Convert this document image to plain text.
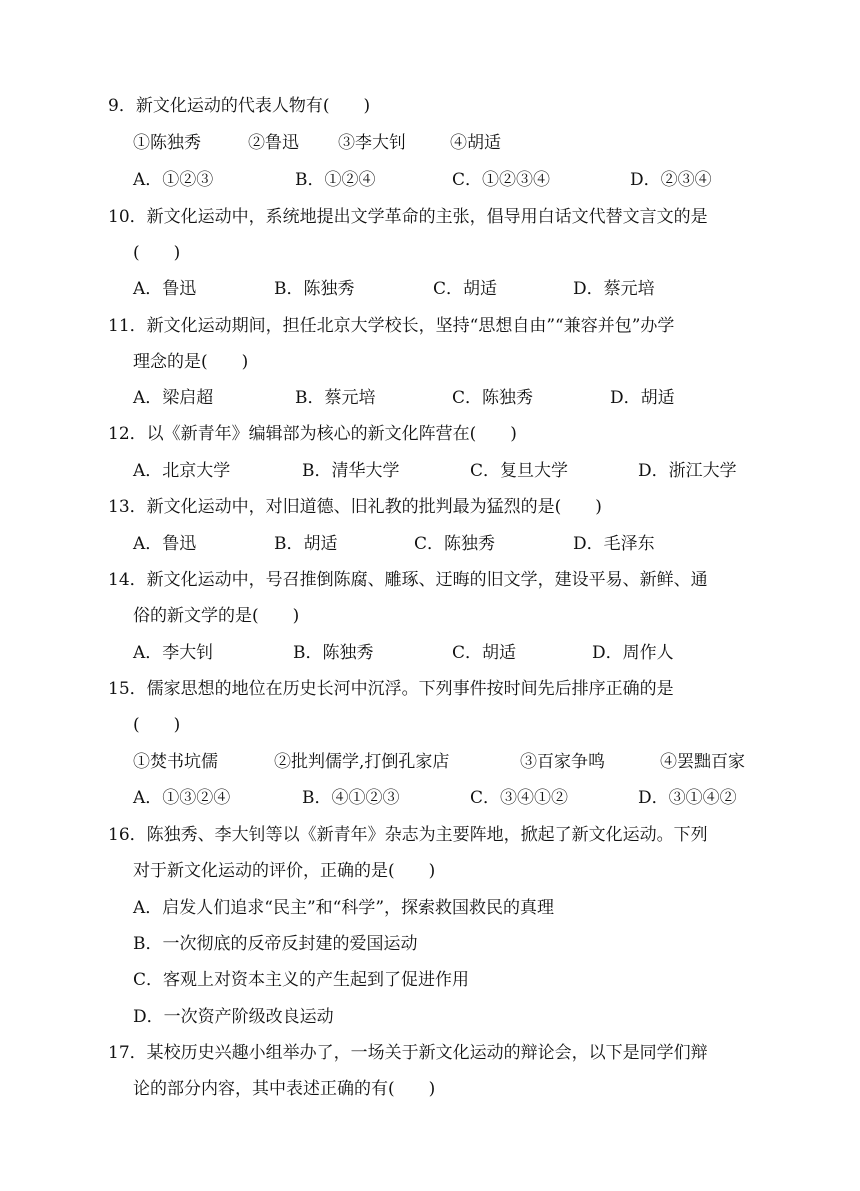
9．新文化运动的代表人物有(　　)
①陈独秀	②鲁迅 ③李大钊	④胡适
A．①②③	B．①②④	C．①②③④	D．②③④
10．新文化运动中，系统地提出文学革命的主张，倡导用白话文代替文言文的是
(　　)
A．鲁迅	B．陈独秀	C．胡适	D．蔡元培
11．新文化运动期间，担任北京大学校长，坚持“思想自由”“兼容并包”办学
理念的是(　　)
A．梁启超	B．蔡元培	C．陈独秀	D．胡适
12．以《新青年》编辑部为核心的新文化阵营在(　　)
A．北京大学	B．清华大学	C．复旦大学	D．浙江大学
13．新文化运动中，对旧道德、旧礼教的批判最为猛烈的是(　　)
A．鲁迅	B．胡适	C．陈独秀	D．毛泽东
14．新文化运动中，号召推倒陈腐、雕琢、迂晦的旧文学，建设平易、新鲜、通
俗的新文学的是(　　)
A．李大钊	B．陈独秀	C．胡适	D．周作人
15．儒家思想的地位在历史长河中沉浮。下列事件按时间先后排序正确的是
(　　)
①焚书坑儒	②批判儒学,打倒孔家店	③百家争鸣	④罢黜百家
A．①③②④	B．④①②③	C．③④①②	D．③①④②
16．陈独秀、李大钊等以《新青年》杂志为主要阵地，掀起了新文化运动。下列
对于新文化运动的评价，正确的是(　　)
A．启发人们追求“民主”和“科学”，探索救国救民的真理
B．一次彻底的反帝反封建的爱国运动
C．客观上对资本主义的产生起到了促进作用
D．一次资产阶级改良运动
17．某校历史兴趣小组举办了，一场关于新文化运动的辩论会，以下是同学们辩
论的部分内容，其中表述正确的有(　　)
